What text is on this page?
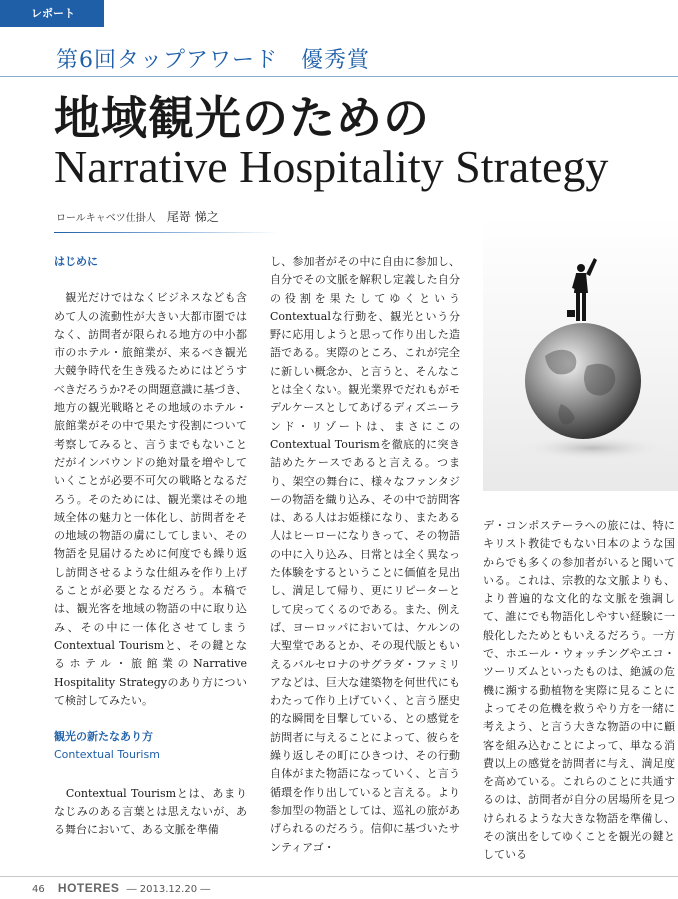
レポート
第6回タップアワード　優秀賞
地域観光のための
Narrative Hospitality Strategy
ロールキャベツ仕掛人 尾嵜 悌之

はじめに

　観光だけではなくビジネスなども含めて人の流動性が大きい大都市圏ではなく、訪問者が限られる地方の中小都市のホテル・旅館業が、来るべき観光大競争時代を生き残るためにはどうすべきだろうか?その問題意識に基づき、地方の観光戦略とその地域のホテル・旅館業がその中で果たす役割について考察してみると、言うまでもないことだがインバウンドの絶対量を増やしていくことが必要不可欠の戦略となるだろう。そのためには、観光業はその地域全体の魅力と一体化し、訪問者をその地域の物語の虜にしてしまい、その物語を見届けるために何度でも繰り返し訪問させるような仕組みを作り上げることが必要となるだろう。本稿では、観光客を地域の物語の中に取り込み、その中に一体化させてしまうContextual Tourismと、その鍵となるホテル・旅館業のNarrative Hospitality Strategyのあり方について検討してみたい。

観光の新たなあり方

Contextual Tourism

　Contextual Tourismとは、あまりなじみのある言葉とは思えないが、ある舞台において、ある文脈を準備

し、参加者がその中に自由に参加し、自分でその文脈を解釈し定義した自分の役割を果たしてゆくというContextualな行動を、観光という分野に応用しようと思って作り出した造語である。実際のところ、これが完全に新しい概念か、と言うと、そんなことは全くない。観光業界でだれもがモデルケースとしてあげるディズニーランド・リゾートは、まさにこのContextual Tourismを徹底的に突き詰めたケースであると言える。つまり、架空の舞台に、様々なファンタジーの物語を織り込み、その中で訪問客は、ある人はお姫様になり、またある人はヒーローになりきって、その物語の中に入り込み、日常とは全く異なった体験をするということに価値を見出し、満足して帰り、更にリピーターとして戻ってくるのである。また、例えば、ヨーロッパにおいては、ケルンの大聖堂であるとか、その現代版ともいえるバルセロナのサグラダ・ファミリアなどは、巨大な建築物を何世代にもわたって作り上げていく、と言う歴史的な瞬間を目撃している、との感覚を訪問者に与えることによって、彼らを繰り返しその町にひきつけ、その行動自体がまた物語になっていく、と言う循環を作り出していると言える。より参加型の物語としては、巡礼の旅があげられるのだろう。信仰に基づいたサンティアゴ・

デ・コンポステーラへの旅には、特にキリスト教徒でもない日本のような国からでも多くの参加者がいると聞いている。これは、宗教的な文脈よりも、より普遍的な文化的な文脈を強調して、誰にでも物語化しやすい経験に一般化したためともいえるだろう。一方で、ホエール・ウォッチングやエコ・ツーリズムといったものは、絶滅の危機に瀕する動植物を実際に見ることによってその危機を救うやり方を一緒に考えよう、と言う大きな物語の中に顧客を組み込むことによって、単なる消費以上の感覚を訪問者に与え、満足度を高めている。これらのことに共通するのは、訪問者が自分の居場所を見つけられるような大きな物語を準備し、その演出をしてゆくことを観光の鍵としている

46 HOTERES ― 2013.12.20 ―
